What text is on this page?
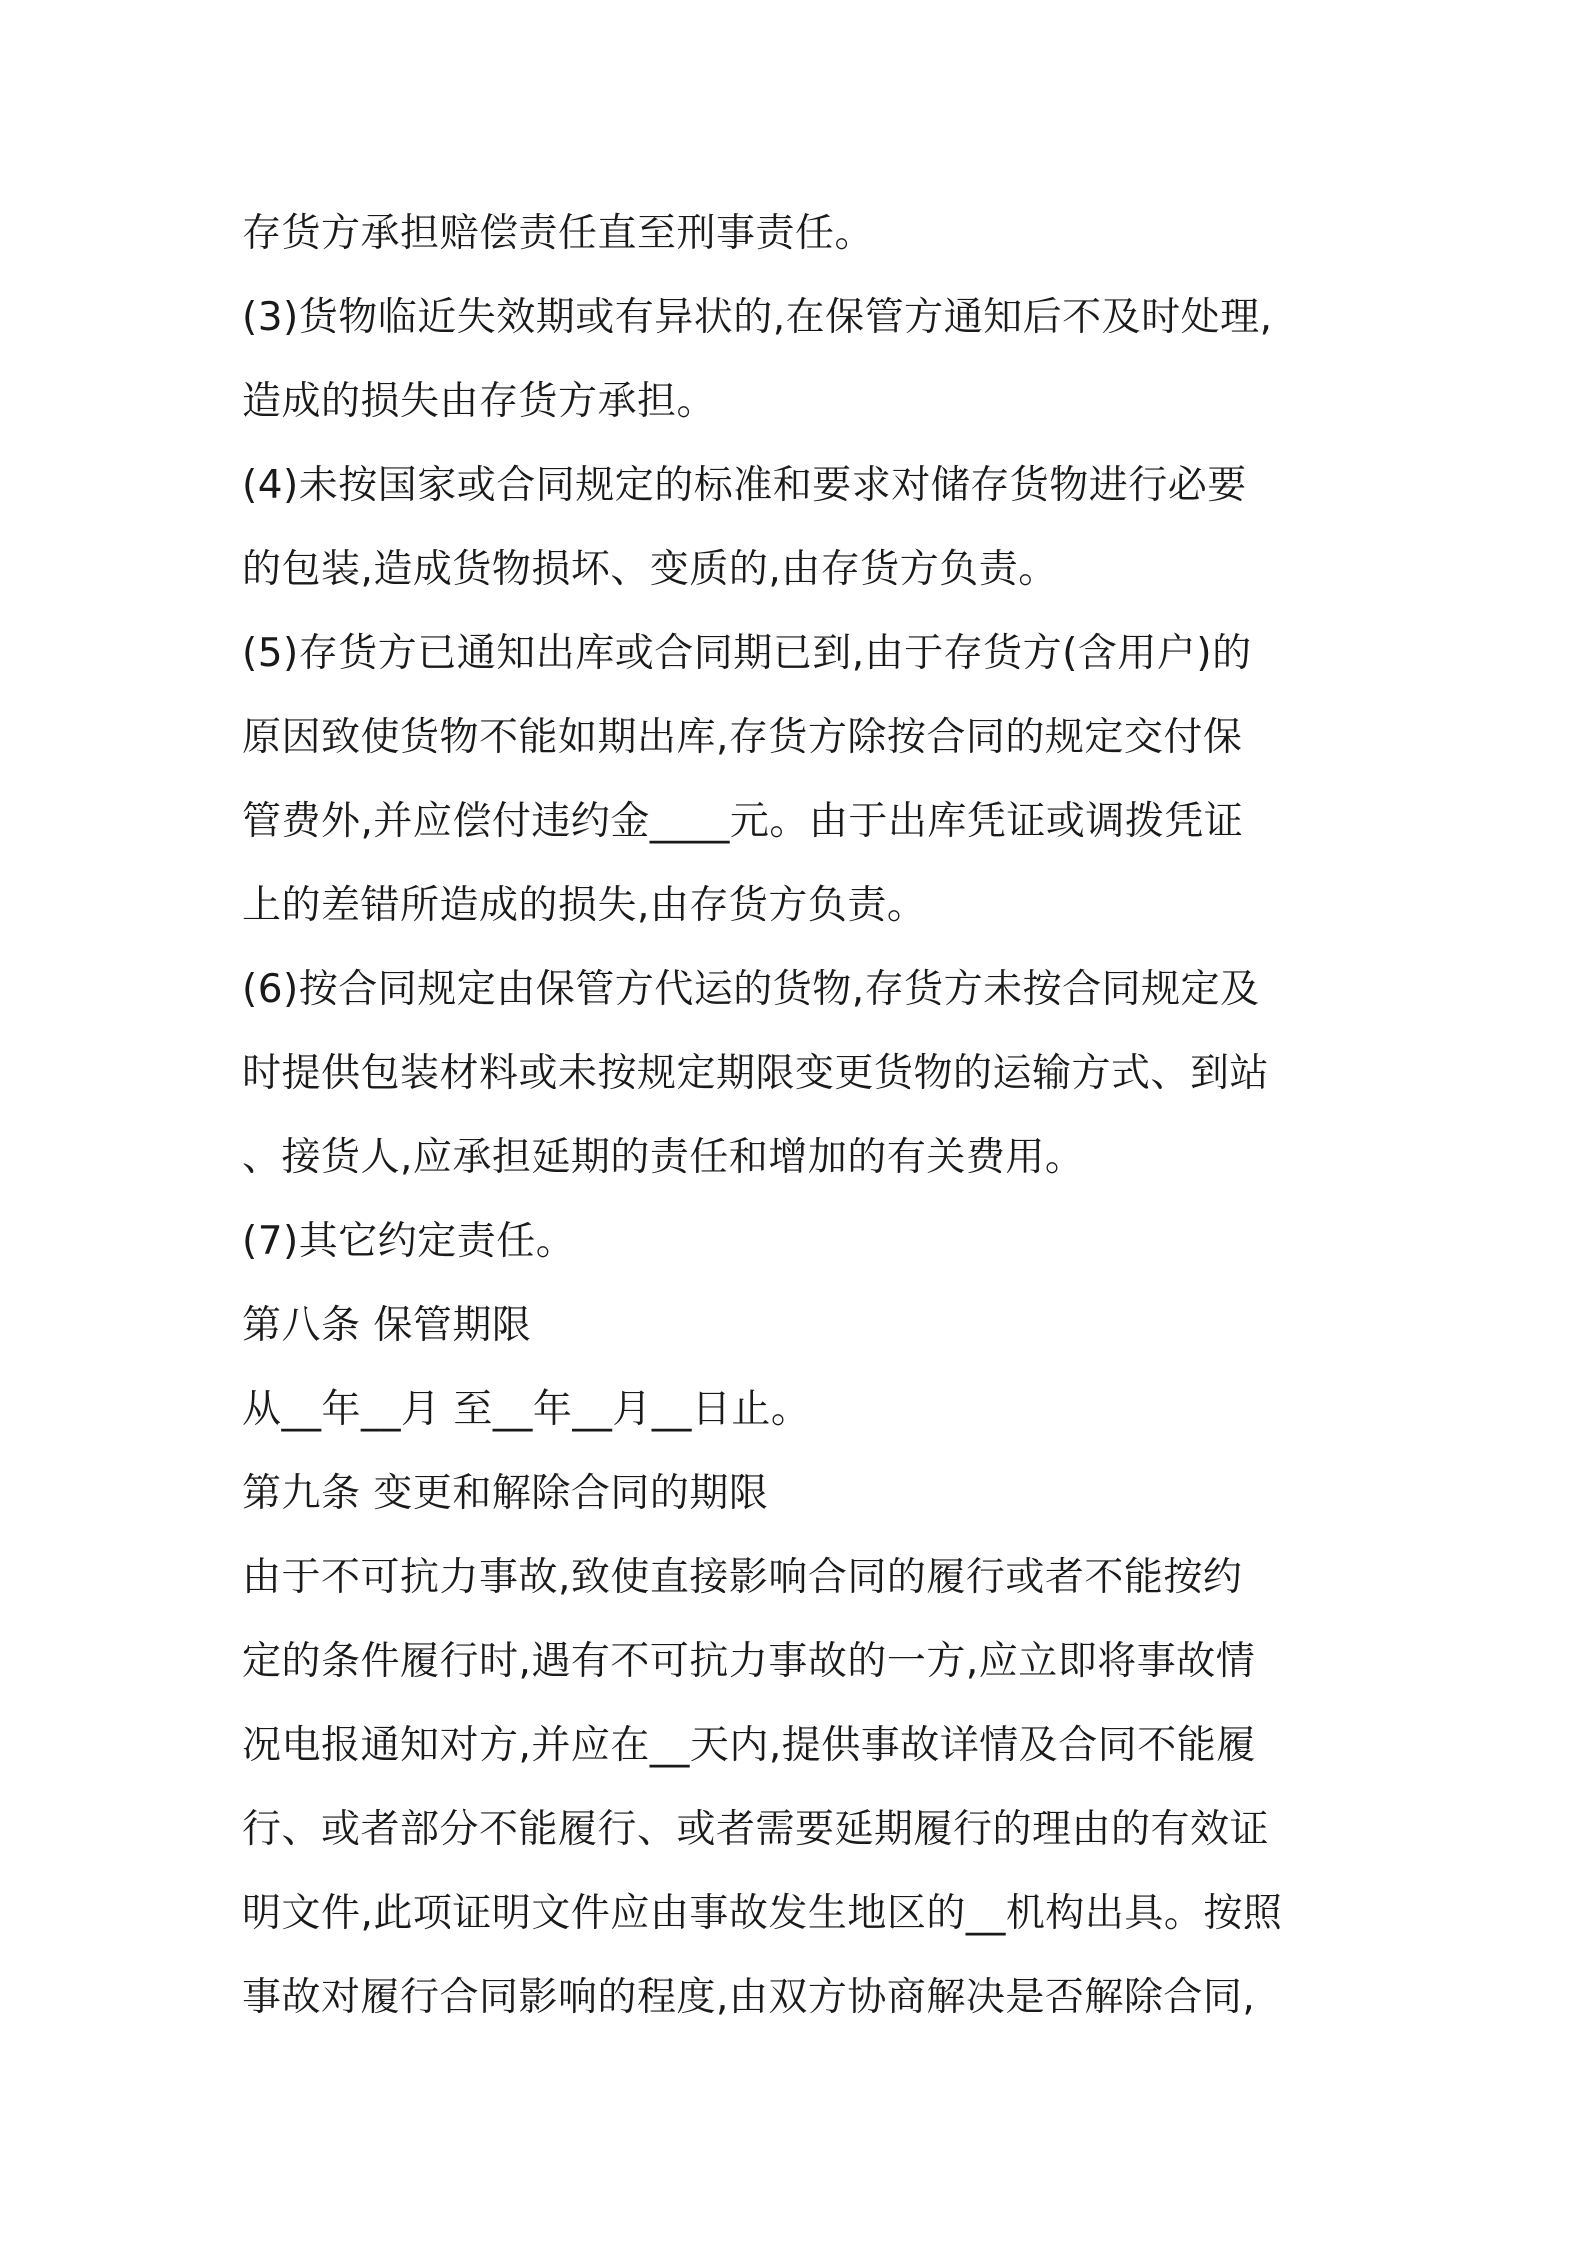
存货方承担赔偿责任直至刑事责任。
(3)货物临近失效期或有异状的,在保管方通知后不及时处理,
造成的损失由存货方承担。
(4)未按国家或合同规定的标准和要求对储存货物进行必要
的包装,造成货物损坏、变质的,由存货方负责。
(5)存货方已通知出库或合同期已到,由于存货方(含用户)的
原因致使货物不能如期出库,存货方除按合同的规定交付保
管费外,并应偿付违约金____元。由于出库凭证或调拨凭证
上的差错所造成的损失,由存货方负责。
(6)按合同规定由保管方代运的货物,存货方未按合同规定及
时提供包装材料或未按规定期限变更货物的运输方式、到站
、接货人,应承担延期的责任和增加的有关费用。
(7)其它约定责任。
第八条 保管期限
从__年__月 至__年__月__日止。
第九条 变更和解除合同的期限
由于不可抗力事故,致使直接影响合同的履行或者不能按约
定的条件履行时,遇有不可抗力事故的一方,应立即将事故情
况电报通知对方,并应在__天内,提供事故详情及合同不能履
行、或者部分不能履行、或者需要延期履行的理由的有效证
明文件,此项证明文件应由事故发生地区的__机构出具。按照
事故对履行合同影响的程度,由双方协商解决是否解除合同,
